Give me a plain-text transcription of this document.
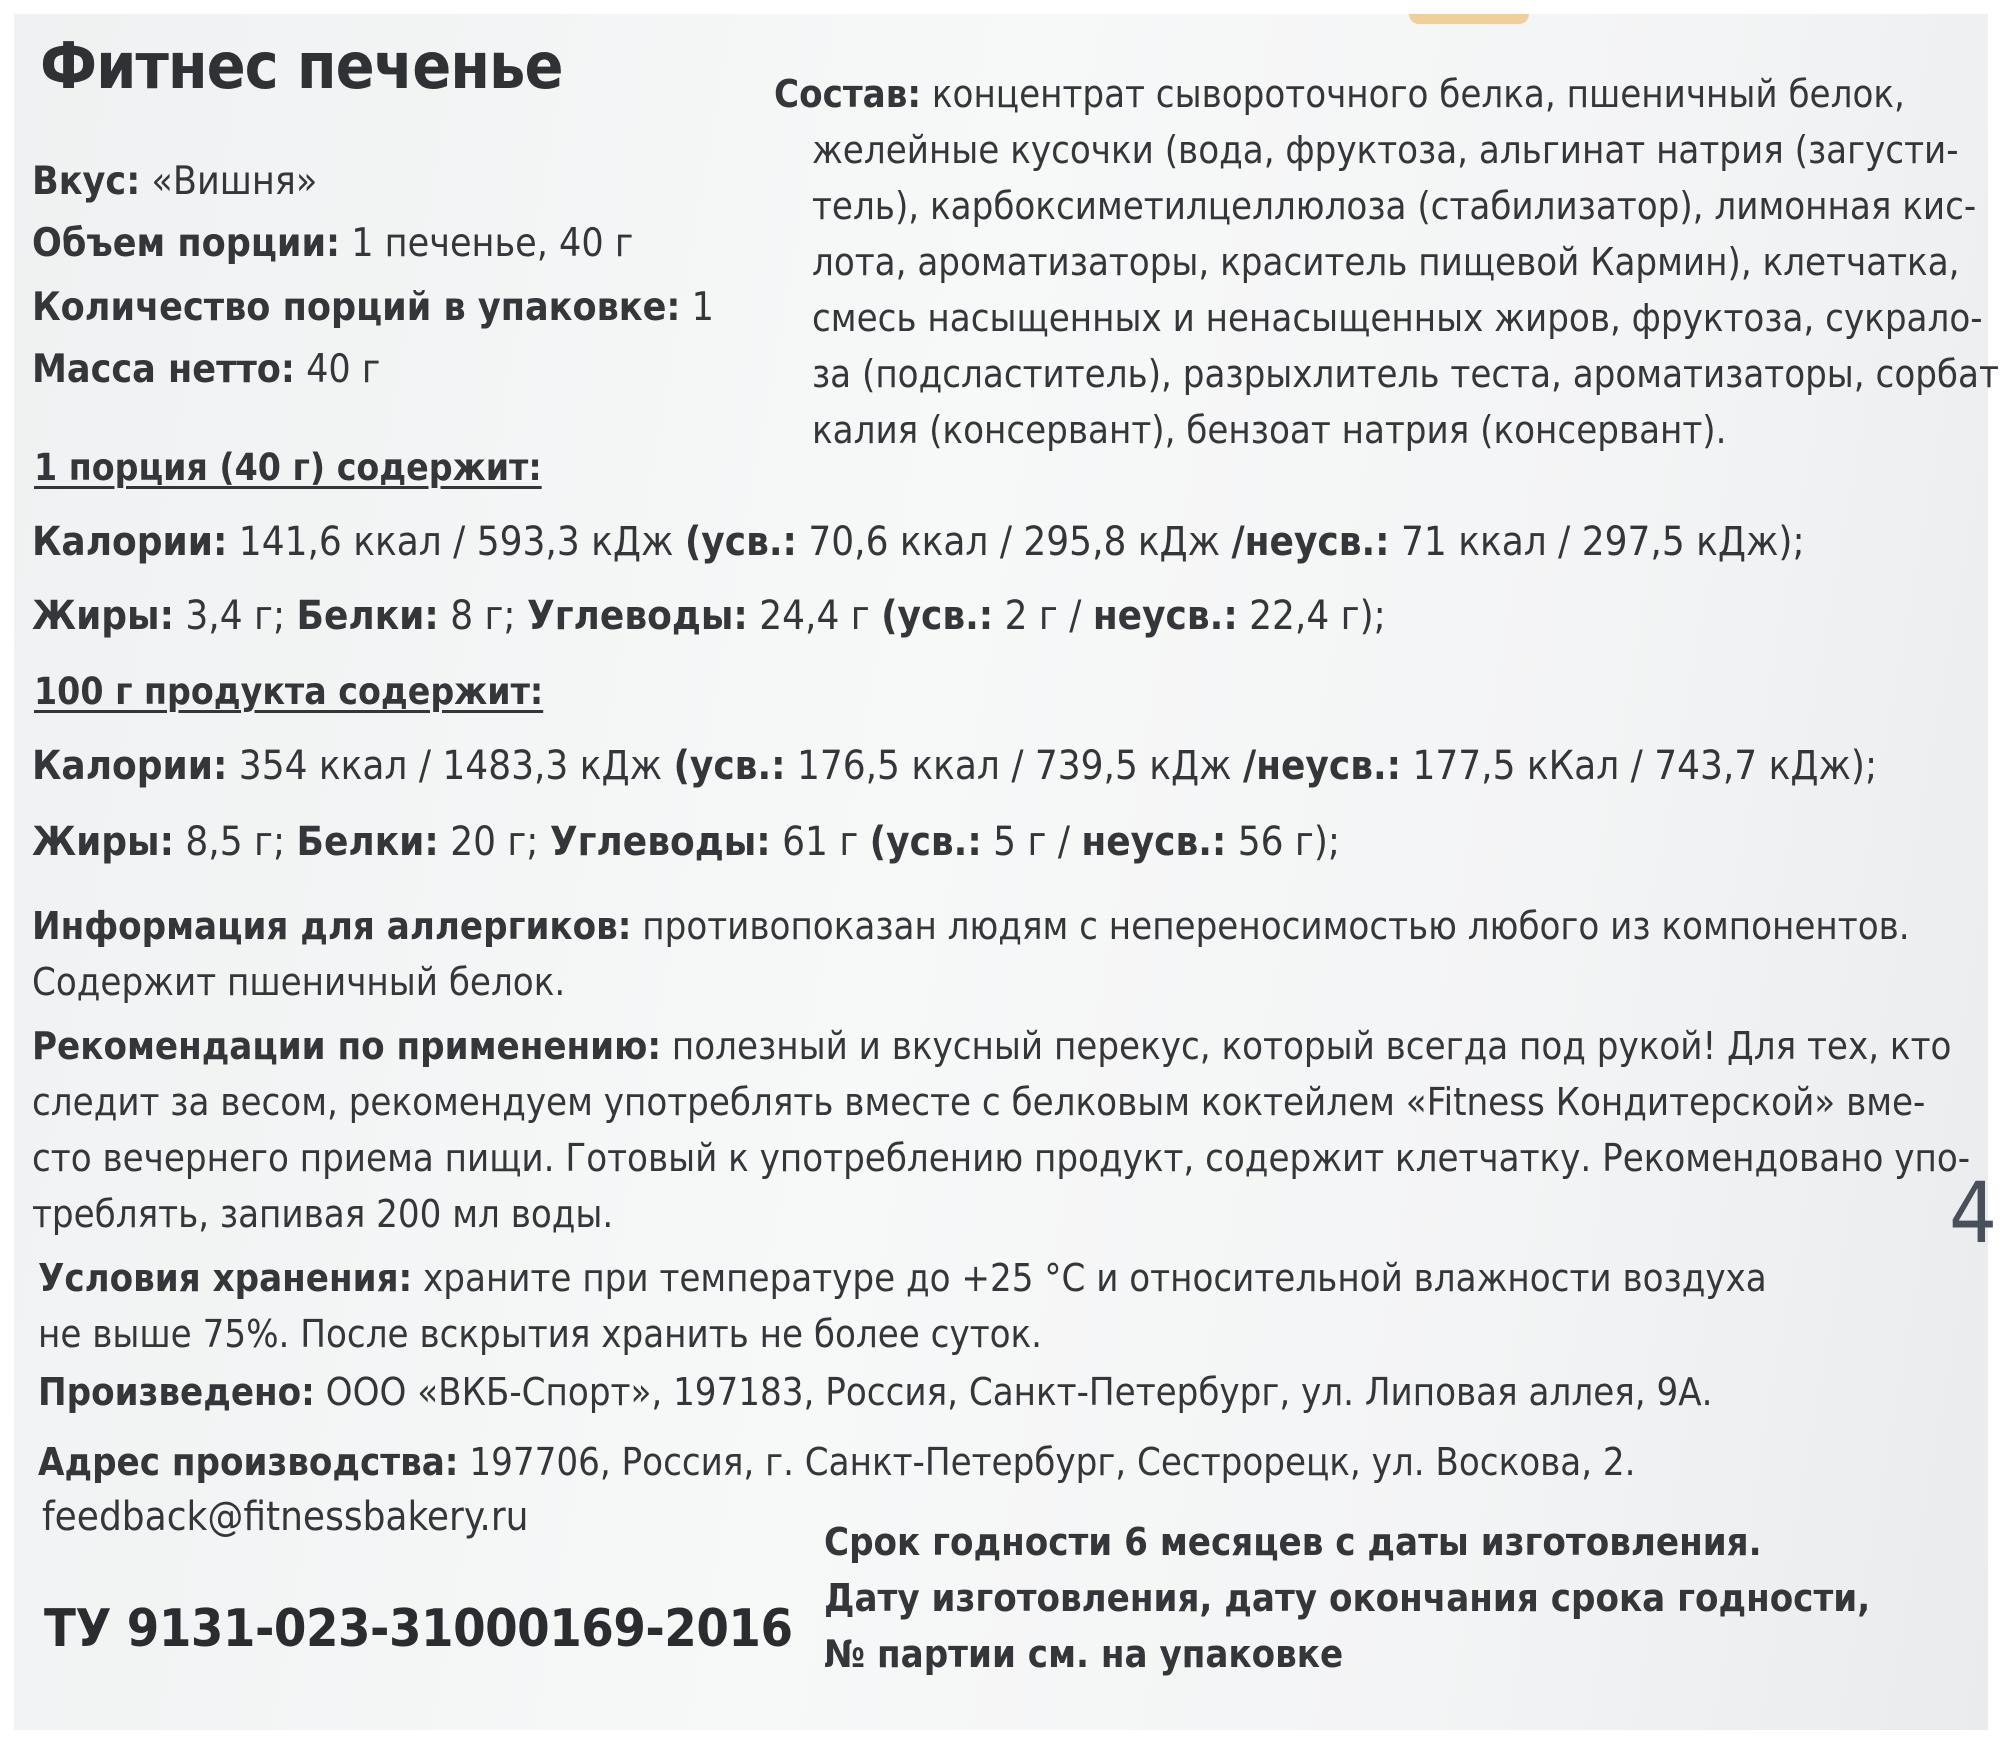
Фитнес печенье
Вкус: «Вишня»
Объем порции: 1 печенье, 40 г
Количество порций в упаковке: 1
Масса нетто: 40 г
Состав: концентрат сывороточного белка, пшеничный белок,
желейные кусочки (вода, фруктоза, альгинат натрия (загусти-
тель), карбоксиметилцеллюлоза (стабилизатор), лимонная кис-
лота, ароматизаторы, краситель пищевой Кармин), клетчатка,
смесь насыщенных и ненасыщенных жиров, фруктоза, сукрало-
за (подсластитель), разрыхлитель теста, ароматизаторы, сорбат
калия (консервант), бензоат натрия (консервант).
1 порция (40 г) содержит:
Калории: 141,6 ккал / 593,3 кДж (усв.: 70,6 ккал / 295,8 кДж /неусв.: 71 ккал / 297,5 кДж);
Жиры: 3,4 г; Белки: 8 г; Углеводы: 24,4 г (усв.: 2 г / неусв.: 22,4 г);
100 г продукта содержит:
Калории: 354 ккал / 1483,3 кДж (усв.: 176,5 ккал / 739,5 кДж /неусв.: 177,5 кКал / 743,7 кДж);
Жиры: 8,5 г; Белки: 20 г; Углеводы: 61 г (усв.: 5 г / неусв.: 56 г);
Информация для аллергиков: противопоказан людям с непереносимостью любого из компонентов.
Содержит пшеничный белок.
Рекомендации по применению: полезный и вкусный перекус, который всегда под рукой! Для тех, кто
следит за весом, рекомендуем употреблять вместе с белковым коктейлем «Fitness Кондитерской» вме-
сто вечернего приема пищи. Готовый к употреблению продукт, содержит клетчатку. Рекомендовано упо-
треблять, запивая 200 мл воды.
Условия хранения: храните при температуре до +25 °С и относительной влажности воздуха
не выше 75%. После вскрытия хранить не более суток.
Произведено: ООО «ВКБ-Спорт», 197183, Россия, Санкт-Петербург, ул. Липовая аллея, 9А.
Адрес производства: 197706, Россия, г. Санкт-Петербург, Сестрорецк, ул. Воскова, 2.
feedback@fitnessbakery.ru
ТУ 9131-023-31000169-2016
Срок годности 6 месяцев с даты изготовления.
Дату изготовления, дату окончания срока годности,
№ партии см. на упаковке
4
